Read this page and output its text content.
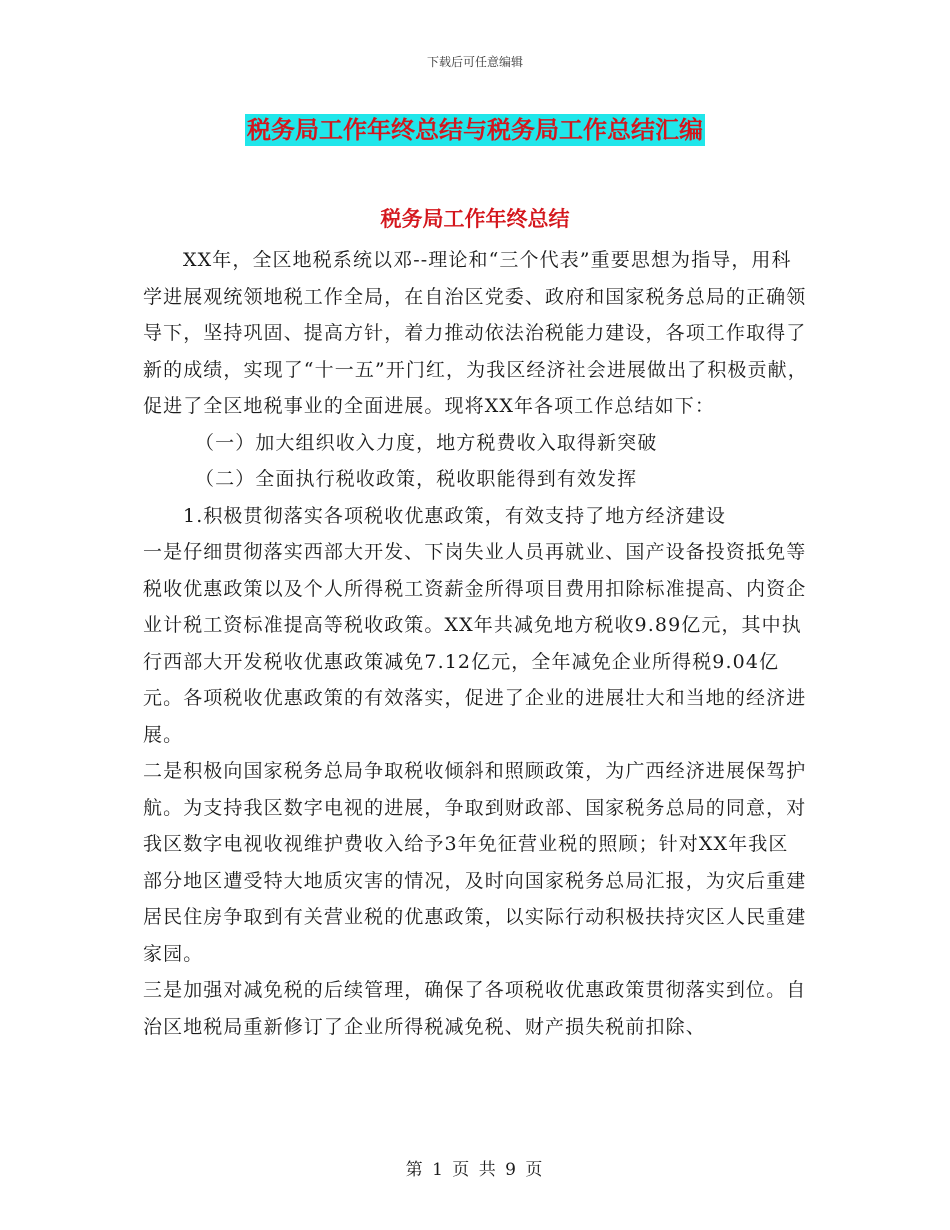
下载后可任意编辑
税务局工作年终总结与税务局工作总结汇编
税务局工作年终总结

XX年，全区地税系统以邓--理论和“三个代表”重要思想为指导，用科学进展观统领地税工作全局，在自治区党委、政府和国家税务总局的正确领导下，坚持巩固、提高方针，着力推动依法治税能力建设，各项工作取得了新的成绩，实现了“十一五”开门红，为我区经济社会进展做出了积极贡献，促进了全区地税事业的全面进展。现将XX年各项工作总结如下：

（一）加大组织收入力度，地方税费收入取得新突破

（二）全面执行税收政策，税收职能得到有效发挥

1.积极贯彻落实各项税收优惠政策，有效支持了地方经济建设

一是仔细贯彻落实西部大开发、下岗失业人员再就业、国产设备投资抵免等税收优惠政策以及个人所得税工资薪金所得项目费用扣除标准提高、内资企业计税工资标准提高等税收政策。XX年共减免地方税收9.89亿元，其中执行西部大开发税收优惠政策减免7.12亿元，全年减免企业所得税9.04亿元。各项税收优惠政策的有效落实，促进了企业的进展壮大和当地的经济进展。

二是积极向国家税务总局争取税收倾斜和照顾政策，为广西经济进展保驾护航。为支持我区数字电视的进展，争取到财政部、国家税务总局的同意，对我区数字电视收视维护费收入给予3年免征营业税的照顾；针对XX年我区部分地区遭受特大地质灾害的情况，及时向国家税务总局汇报，为灾后重建居民住房争取到有关营业税的优惠政策，以实际行动积极扶持灾区人民重建家园。

三是加强对减免税的后续管理，确保了各项税收优惠政策贯彻落实到位。自治区地税局重新修订了企业所得税减免税、财产损失税前扣除、

第 1 页 共 9 页
